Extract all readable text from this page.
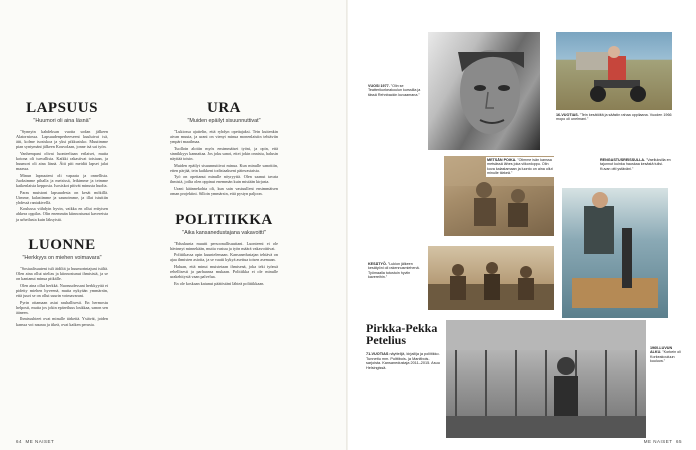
LAPSUUS
"Huumori oli aina läsnä"

"Synnyin kahdeksan vuotta sodan jälkeen Alatorniossa. Lapsuudenperheeseeni kuuluivat isä, äiti, kolme isosiskoa ja yksi pikkusisko. Muutimme pian syntymäni jälkeen Kouvolaan, jonne isä sai työn.

Vanhempani olivat luonteeltaan erilaiset, mutta kotona oli turvallista. Kaikki rakastivat toisiaan, ja huumori oli aina läsnä. Äiti piti meidät lapset jalat maassa.

Minun lapsuuteni oli vapaata ja onnellista. Juoksimme pihalla ja metsissä, leikimme ja teimme kaikenlaisia kepposia. Isosiskot pitivät minusta huolta.

Paras muistoni lapsuudesta on kesät mökillä. Uimme, kalastimme ja saunoimme, ja illat istuttiin yhdessä rantakivellä.

Koulussa viihdyin hyvin, vaikka en ollut erityisen ahkera oppilas. Olin enemmän kiinnostunut kavereista ja urheilusta kuin läksyistä.

LUONNE
"Herkkyys on miehen voimavara"

"Sosiaalisuuteni tuli äidiltä ja huumorintajuni isältä. Olen aina ollut utelias ja kiinnostunut ihmisistä, ja se on kantanut minua pitkälle.

Olen aina ollut herkkä. Nuoruudessani herkkyyttä ei pidetty miehen hyveenä, mutta nykyään ymmärrän, että juuri se on ollut suurin voimavarani.

Pyrin ottamaan asiat rauhallisesti. En hermostu helposti, mutta jos jokin epäreiluus loukkaa, sanon sen ääneen.

Ihmissuhteet ovat minulle tärkeitä. Ystävät, joiden kanssa voi nauraa ja itkeä, ovat kaiken perusta.

URA
"Muiden epäilyt sisuunnuttivat"

"Lukiossa ajattelin, että ryhdyn opettajaksi. Tein kuitenkin aivan muuta, ja urani on vienyt minua monenlaisiin tehtäviin ympäri maailmaa.

Tuolloin aloitin myös ensimmäiset työni, ja opin, että sinnikkyys kannattaa. Jos joku sanoi, ettei jokin onnistu, halusin näyttää toisin.

Muiden epäilyt sisuunnuttivat minua. Kun minulle sanottiin, etten pärjää, tein kaikkeni todistaakseni päinvastaista.

Työ on opettanut minulle nöyryyttä. Olen saanut tavata ihmisiä, joilta olen oppinut enemmän kuin mistään kirjasta.

Urani käännekohta oli, kun sain vastuulleni ensimmäisen oman projektini. Silloin ymmärsin, että pystyn paljoon.

POLITIIKKA
"Aika kansanedustajana vakavoitti"

"Eduskunta muutti persoonallisuuttani. Luonteeni ei ole hävinnyt minnekään, mutta vastuu ja työn määrä vakavoittivat.

Politiikassa opin kuuntelemaan. Kansanedustajan tehtävä on ajaa ihmisten asioita, ja se vaatii kykyä asettua toisen asemaan.

Haluan, että minut muistetaan ihmisenä, joka teki työnsä rehellisesti ja parhaansa mukaan. Politiikka ei ole minulle urakehitystä vaan palvelua.

En ole koskaan katunut päätöstäni lähteä politiikkaan.

64 ME NAISET
VUOSI 1977. "Olin se Teatterikorkeakoulun kurssilla ja tässä Rehnbackin kuvaamana."
16-VUOTIAS. "Tein kesätöitä ja säästin rahaa oppilaana. Vuoden 1966 mopo oli unelmani."
METSÄN POIKA. "Olimme isän kanssa metsässä lähes joka viikonloppu. Olin kova kalastamaan ja luonto on aina ollut minulle tärkeä."
RENGASTUSREISSULLA. "Vaelluksilla en tajunnut kuinka hauskaa kesästä tulisi. Kuvan otti ystäväni."
KESÄTYÖ. "Lukion jälkeen kesätyöni oli rakennusmiehenä. Työmaalla tutustuin hyviin kavereihin."
1960-LUVUN ALKU. "Korkein oli Korkeakouluun kuuluva."
Pirkka-Pekka Petelius
71-VUOTIAS näyttelijä, kirjailija ja poliitikko. Tunnettu mm. Pulttibois- ja Manitbois-sarjoista. Kansanedustaja 2011–2015. Asuu Helsingissä.
ME NAISET 65
